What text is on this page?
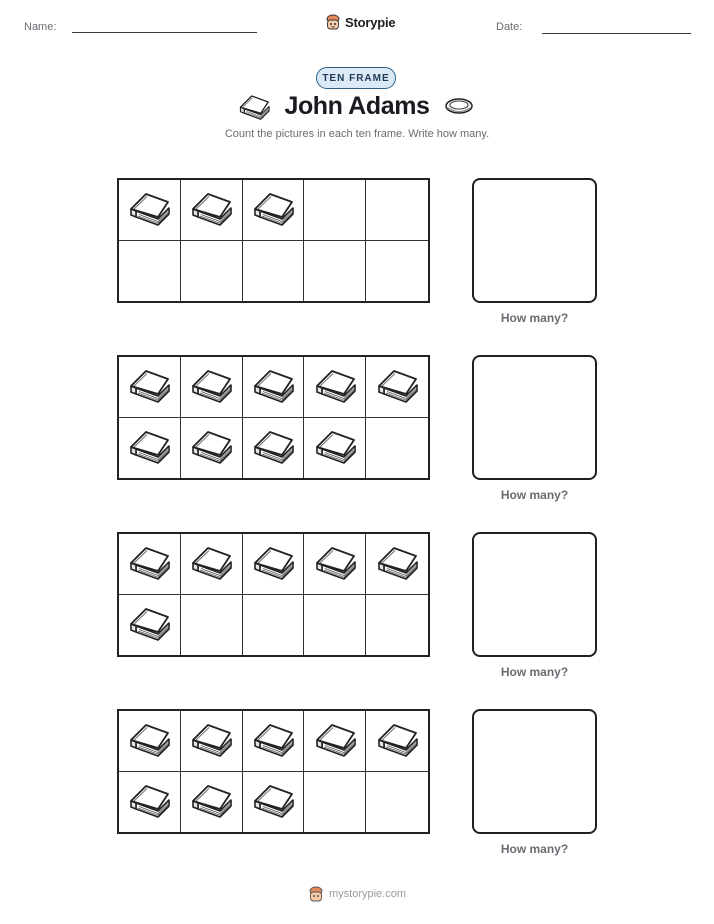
Name:	Storypie	Date:
TEN FRAME
John Adams
Count the pictures in each ten frame. Write how many.
How many?
How many?
How many?
How many?
mystorypie.com
